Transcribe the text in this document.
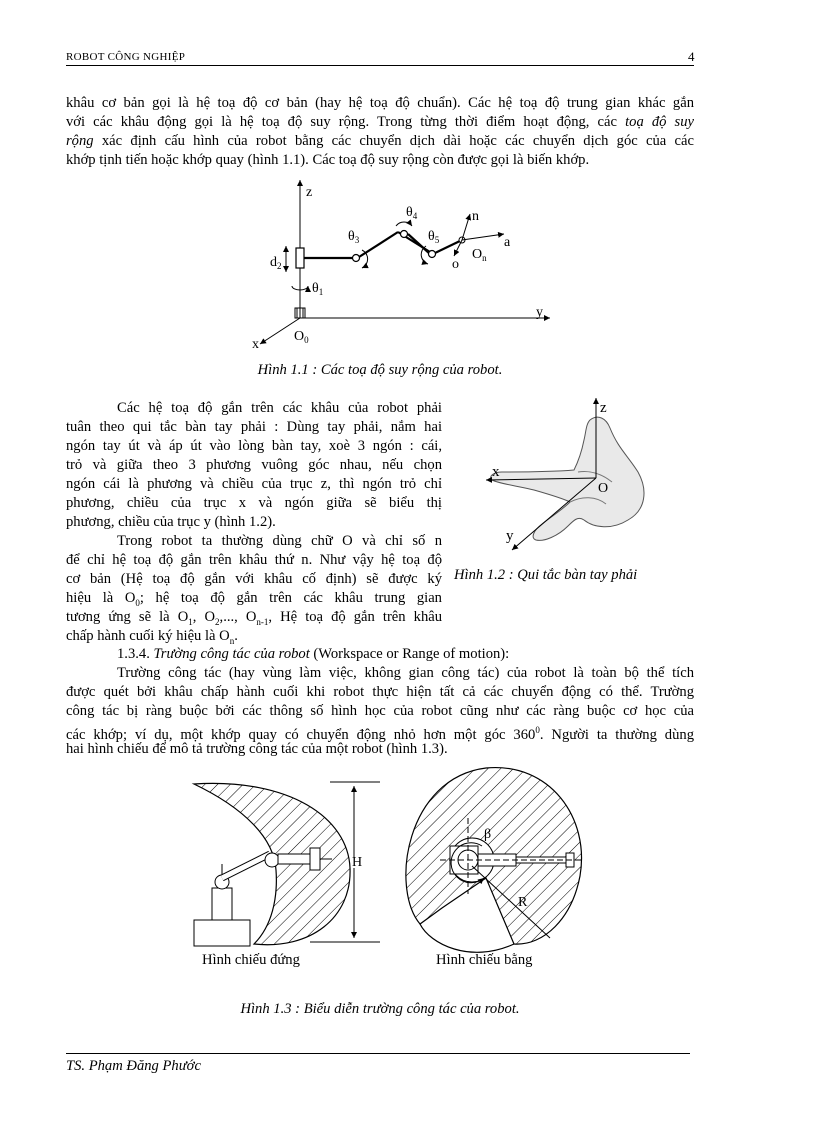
ROBOT CÔNG NGHIỆP	4
khâu cơ bản gọi là hệ toạ độ cơ bản (hay hệ toạ độ chuẩn). Các hệ toạ độ trung gian khác gắn
với các khâu động gọi là hệ toạ độ suy rộng. Trong từng thời điểm hoạt động, các toạ độ suy
rộng xác định cấu hình của robot bằng các chuyển dịch dài hoặc các chuyển dịch góc của các
khớp tịnh tiến hoặc khớp quay (hình 1.1). Các toạ độ suy rộng còn được gọi là biến khớp.
z
y
x
$O_0$
$d_2$
$\theta_1$
$\theta_3$
$\theta_4$
$\theta_5$
n
a
o
$O_n$
Hình 1.1 : Các toạ độ suy rộng của robot.
Các hệ toạ độ gắn trên các khâu của robot phải
tuân theo qui tắc bàn tay phải : Dùng tay phải, nắm hai
ngón tay út và áp út vào lòng bàn tay, xoè 3 ngón : cái,
trỏ và giữa theo 3 phương vuông góc nhau, nếu chọn
ngón cái là phương và chiều của trục z, thì ngón trỏ chỉ
phương, chiều của trục x và ngón giữa sẽ biểu thị
phương, chiều của trục y (hình 1.2).
Trong robot ta thường dùng chữ O và chỉ số n
để chỉ hệ toạ độ gắn trên khâu thứ n. Như vậy hệ toạ độ
cơ bản (Hệ toạ độ gắn với khâu cố định) sẽ được ký
hiệu là $O_0$; hệ toạ độ gắn trên các khâu trung gian
tương ứng sẽ là $O_1$, $O_2$,..., $O_{n-1}$, Hệ toạ độ gắn trên khâu
chấp hành cuối ký hiệu là $O_n$.
z
x
y
O
Hình 1.2 : Qui tắc bàn tay phải
1.3.4. Trường công tác của robot (Workspace or Range of motion):
Trường công tác (hay vùng làm việc, không gian công tác) của robot là toàn bộ thể tích
được quét bởi khâu chấp hành cuối khi robot thực hiện tất cả các chuyển động có thể. Trường
công tác bị ràng buộc bởi các thông số hình học của robot cũng như các ràng buộc cơ học của
các khớp; ví dụ, một khớp quay có chuyển động nhỏ hơn một góc $360^0$. Người ta thường dùng
hai hình chiếu để mô tả trường công tác của một robot (hình 1.3).
H
β
R
Hình chiếu đứng	Hình chiếu bằng
Hình 1.3 : Biểu diễn trường công tác của robot.
TS. Phạm Đăng Phước
